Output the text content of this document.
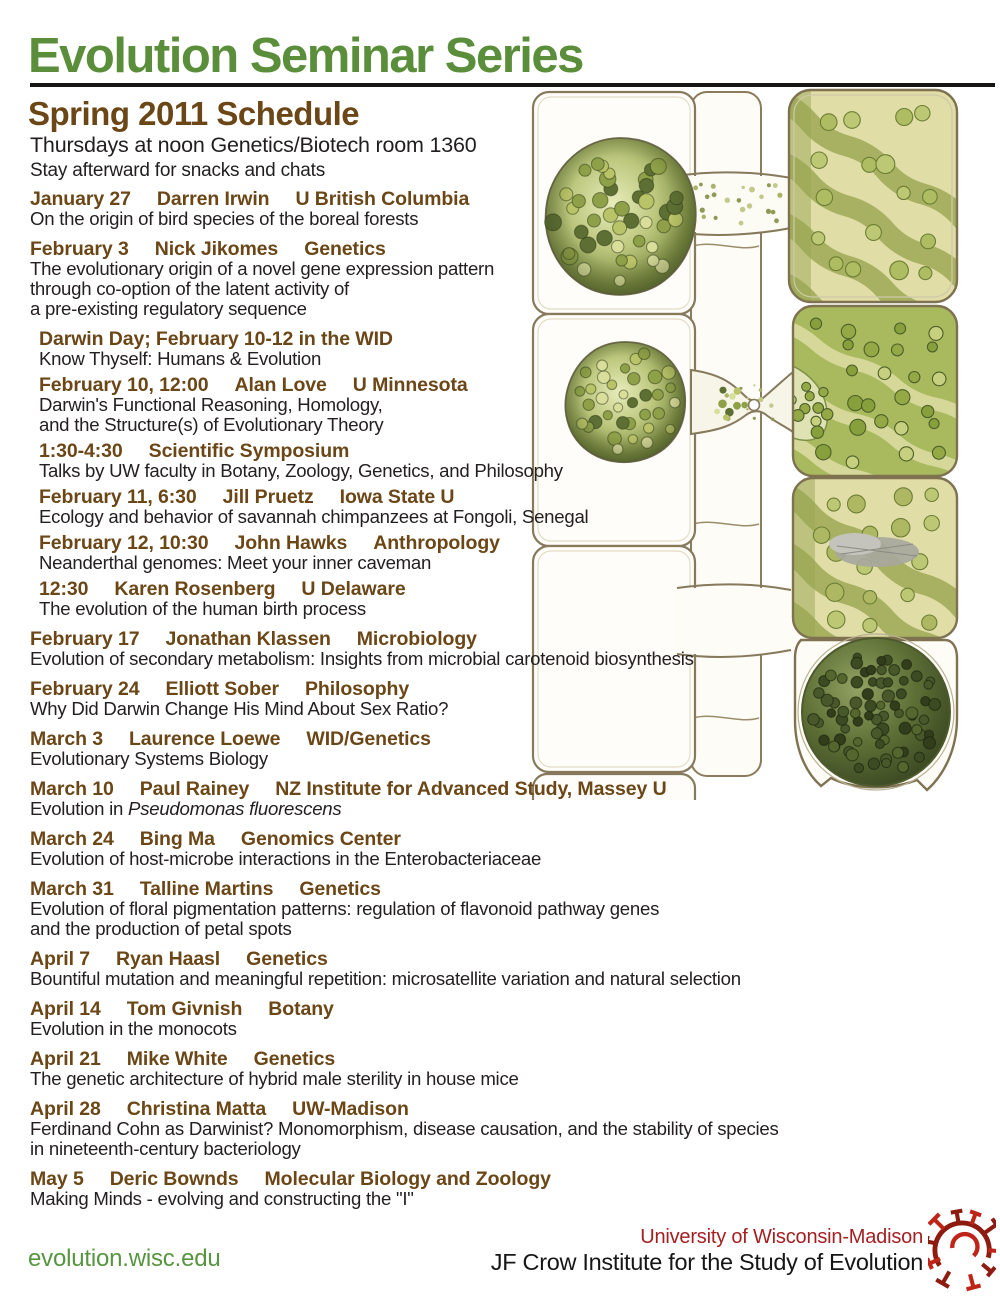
Evolution Seminar Series
Spring 2011 Schedule
Thursdays at noon Genetics/Biotech room 1360
Stay afterward for snacks and chats
January 27 Darren Irwin U British Columbia
On the origin of bird species of the boreal forests
February 3 Nick Jikomes Genetics
The evolutionary origin of a novel gene expression pattern
through co-option of the latent activity of
a pre-existing regulatory sequence
Darwin Day; February 10-12 in the WID
Know Thyself: Humans & Evolution
February 10, 12:00 Alan Love U Minnesota
Darwin's Functional Reasoning, Homology,
and the Structure(s) of Evolutionary Theory
1:30-4:30 Scientific Symposium
Talks by UW faculty in Botany, Zoology, Genetics, and Philosophy
February 11, 6:30 Jill Pruetz Iowa State U
Ecology and behavior of savannah chimpanzees at Fongoli, Senegal
February 12, 10:30 John Hawks Anthropology
Neanderthal genomes: Meet your inner caveman
12:30 Karen Rosenberg U Delaware
The evolution of the human birth process
February 17 Jonathan Klassen Microbiology
Evolution of secondary metabolism: Insights from microbial carotenoid biosynthesis
February 24 Elliott Sober Philosophy
Why Did Darwin Change His Mind About Sex Ratio?
March 3 Laurence Loewe WID/Genetics
Evolutionary Systems Biology
March 10 Paul Rainey NZ Institute for Advanced Study, Massey U
Evolution in Pseudomonas fluorescens
March 24 Bing Ma Genomics Center
Evolution of host-microbe interactions in the Enterobacteriaceae
March 31 Talline Martins Genetics
Evolution of floral pigmentation patterns: regulation of flavonoid pathway genes
and the production of petal spots
April 7 Ryan Haasl Genetics
Bountiful mutation and meaningful repetition: microsatellite variation and natural selection
April 14 Tom Givnish Botany
Evolution in the monocots
April 21 Mike White Genetics
The genetic architecture of hybrid male sterility in house mice
April 28 Christina Matta UW-Madison
Ferdinand Cohn as Darwinist? Monomorphism, disease causation, and the stability of species
in nineteenth-century bacteriology
May 5 Deric Bownds Molecular Biology and Zoology
Making Minds - evolving and constructing the "I"
evolution.wisc.edu
University of Wisconsin-Madison
JF Crow Institute for the Study of Evolution
